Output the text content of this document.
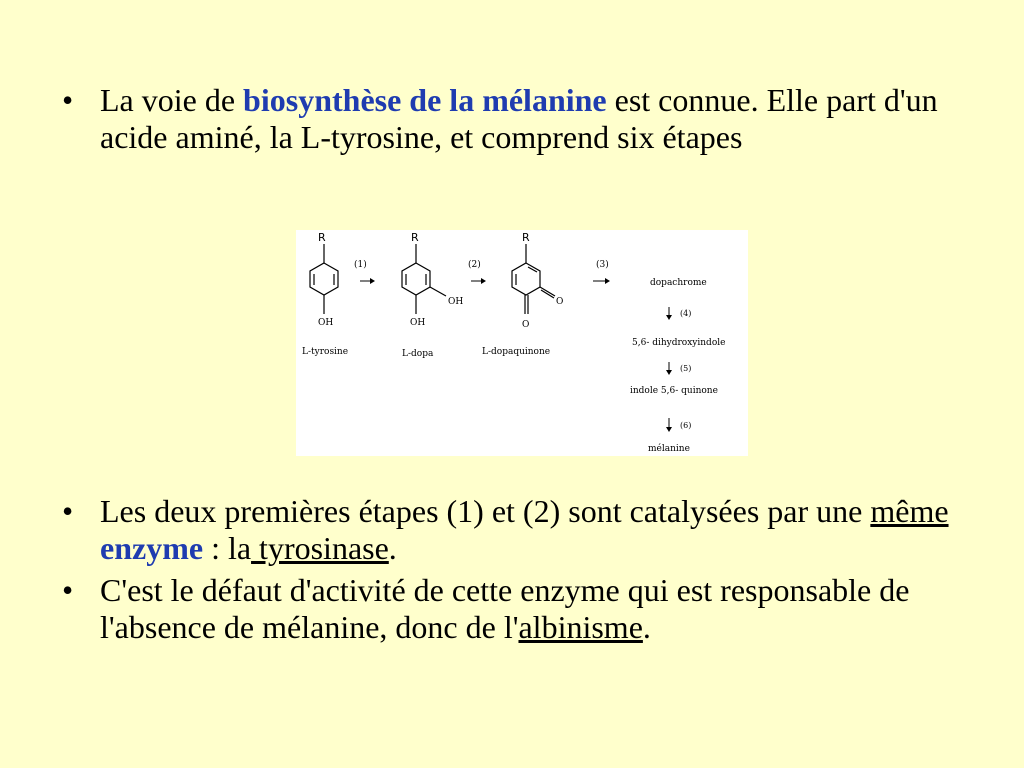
• La voie de biosynthèse de la mélanine est connue. Elle part d'un acide aminé, la L-tyrosine, et comprend six étapes
R
OH
L-tyrosine
(1)
R
OH
OH
L-dopa
(2)
R
O
O
L-dopaquinone
(3)
dopachrome
(4)
5,6- dihydroxyindole
(5)
indole 5,6- quinone
(6)
mélanine
• Les deux premières étapes (1) et (2) sont catalysées par une même enzyme : la tyrosinase.
• C'est le défaut d'activité de cette enzyme qui est responsable de l'absence de mélanine, donc de l'albinisme.
